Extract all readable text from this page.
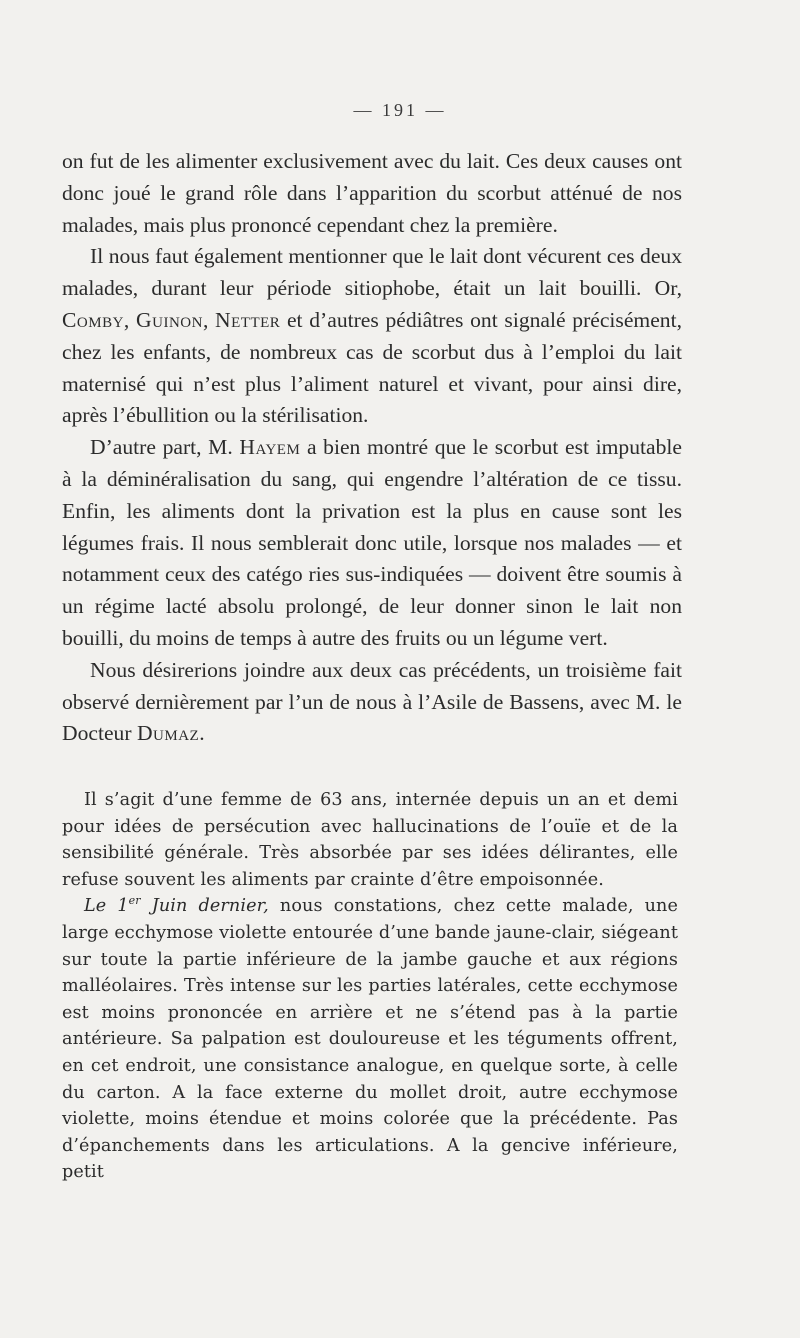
— 191 —

on fut de les alimenter exclusivement avec du lait. Ces deux causes ont donc joué le grand rôle dans l’apparition du scorbut atténué de nos malades, mais plus prononcé cependant chez la première.

Il nous faut également mentionner que le lait dont vécurent ces deux malades, durant leur période sitiophobe, était un lait bouilli. Or, Comby, Guinon, Netter et d’autres pédiâtres ont signalé précisément, chez les enfants, de nombreux cas de scorbut dus à l’emploi du lait maternisé qui n’est plus l’aliment naturel et vivant, pour ainsi dire, après l’ébullition ou la stérilisation.

D’autre part, M. Hayem a bien montré que le scorbut est imputable à la déminéralisation du sang, qui engendre l’altération de ce tissu. Enfin, les aliments dont la privation est la plus en cause sont les légumes frais. Il nous semblerait donc utile, lorsque nos malades — et notamment ceux des catégo ries sus-indiquées — doivent être soumis à un régime lacté absolu prolongé, de leur donner sinon le lait non bouilli, du moins de temps à autre des fruits ou un légume vert.

Nous désirerions joindre aux deux cas précédents, un troisième fait observé dernièrement par l’un de nous à l’Asile de Bassens, avec M. le Docteur Dumaz.

Il s’agit d’une femme de 63 ans, internée depuis un an et demi pour idées de persécution avec hallucinations de l’ouïe et de la sensibilité générale. Très absorbée par ses idées délirantes, elle refuse souvent les aliments par crainte d’être empoisonnée.

Le 1er Juin dernier, nous constations, chez cette malade, une large ecchymose violette entourée d’une bande jaune-clair, siégeant sur toute la partie inférieure de la jambe gauche et aux régions malléolaires. Très intense sur les parties latérales, cette ecchymose est moins prononcée en arrière et ne s’étend pas à la partie antérieure. Sa palpation est douloureuse et les téguments offrent, en cet endroit, une consistance analogue, en quelque sorte, à celle du carton. A la face externe du mollet droit, autre ecchymose violette, moins étendue et moins colorée que la précédente. Pas d’épanchements dans les articulations. A la gencive inférieure, petit
